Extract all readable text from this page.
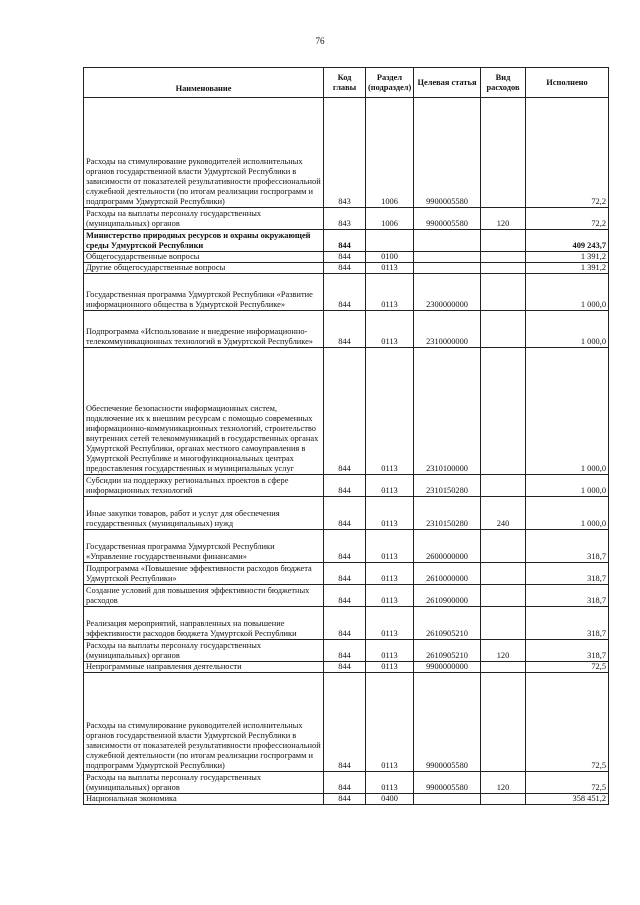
76
Наименование	Код главы	Раздел (подраздел)	Целевая статья	Вид расходов	Исполнено
Расходы на стимулирование руководителей исполнительных органов государственной власти Удмуртской Республики в зависимости от показателей результативности профессиональной служебной деятельности (по итогам реализации госпрограмм и подпрограмм Удмуртской Республики)	843	1006	9900005580		72,2
Расходы на выплаты персоналу государственных (муниципальных) органов	843	1006	9900005580	120	72,2
Министерство природных ресурсов и охраны окружающей среды Удмуртской Республики	844				409 243,7
Общегосударственные вопросы	844	0100			1 391,2
Другие общегосударственные вопросы	844	0113			1 391,2
Государственная программа Удмуртской Республики «Развитие информационного общества в Удмуртской Республике»	844	0113	2300000000		1 000,0
Подпрограмма «Использование и внедрение информационно-телекоммуникационных технологий в Удмуртской Республике»	844	0113	2310000000		1 000,0
Обеспечение безопасности информационных систем, подключение их к внешним ресурсам с помощью современных информационно-коммуникационных технологий, строительство внутренних сетей телекоммуникаций в государственных органах Удмуртской Республики, органах местного самоуправления в Удмуртской Республике и многофункциональных центрах предоставления государственных и муниципальных услуг	844	0113	2310100000		1 000,0
Субсидии на поддержку региональных проектов в сфере информационных технологий	844	0113	2310150280		1 000,0
Иные закупки товаров, работ и услуг для обеспечения государственных (муниципальных) нужд	844	0113	2310150280	240	1 000,0
Государственная программа Удмуртской Республики «Управление государственными финансами»	844	0113	2600000000		318,7
Подпрограмма «Повышение эффективности расходов бюджета Удмуртской Республики»	844	0113	2610000000		318,7
Создание условий для повышения эффективности бюджетных расходов	844	0113	2610900000		318,7
Реализация мероприятий, направленных на повышение эффективности расходов бюджета Удмуртской Республики	844	0113	2610905210		318,7
Расходы на выплаты персоналу государственных (муниципальных) органов	844	0113	2610905210	120	318,7
Непрограммные направления деятельности	844	0113	9900000000		72,5
Расходы на стимулирование руководителей исполнительных органов государственной власти Удмуртской Республики в зависимости от показателей результативности профессиональной служебной деятельности (по итогам реализации госпрограмм и подпрограмм Удмуртской Республики)	844	0113	9900005580		72,5
Расходы на выплаты персоналу государственных (муниципальных) органов	844	0113	9900005580	120	72,5
Национальная экономика	844	0400			358 451,2
